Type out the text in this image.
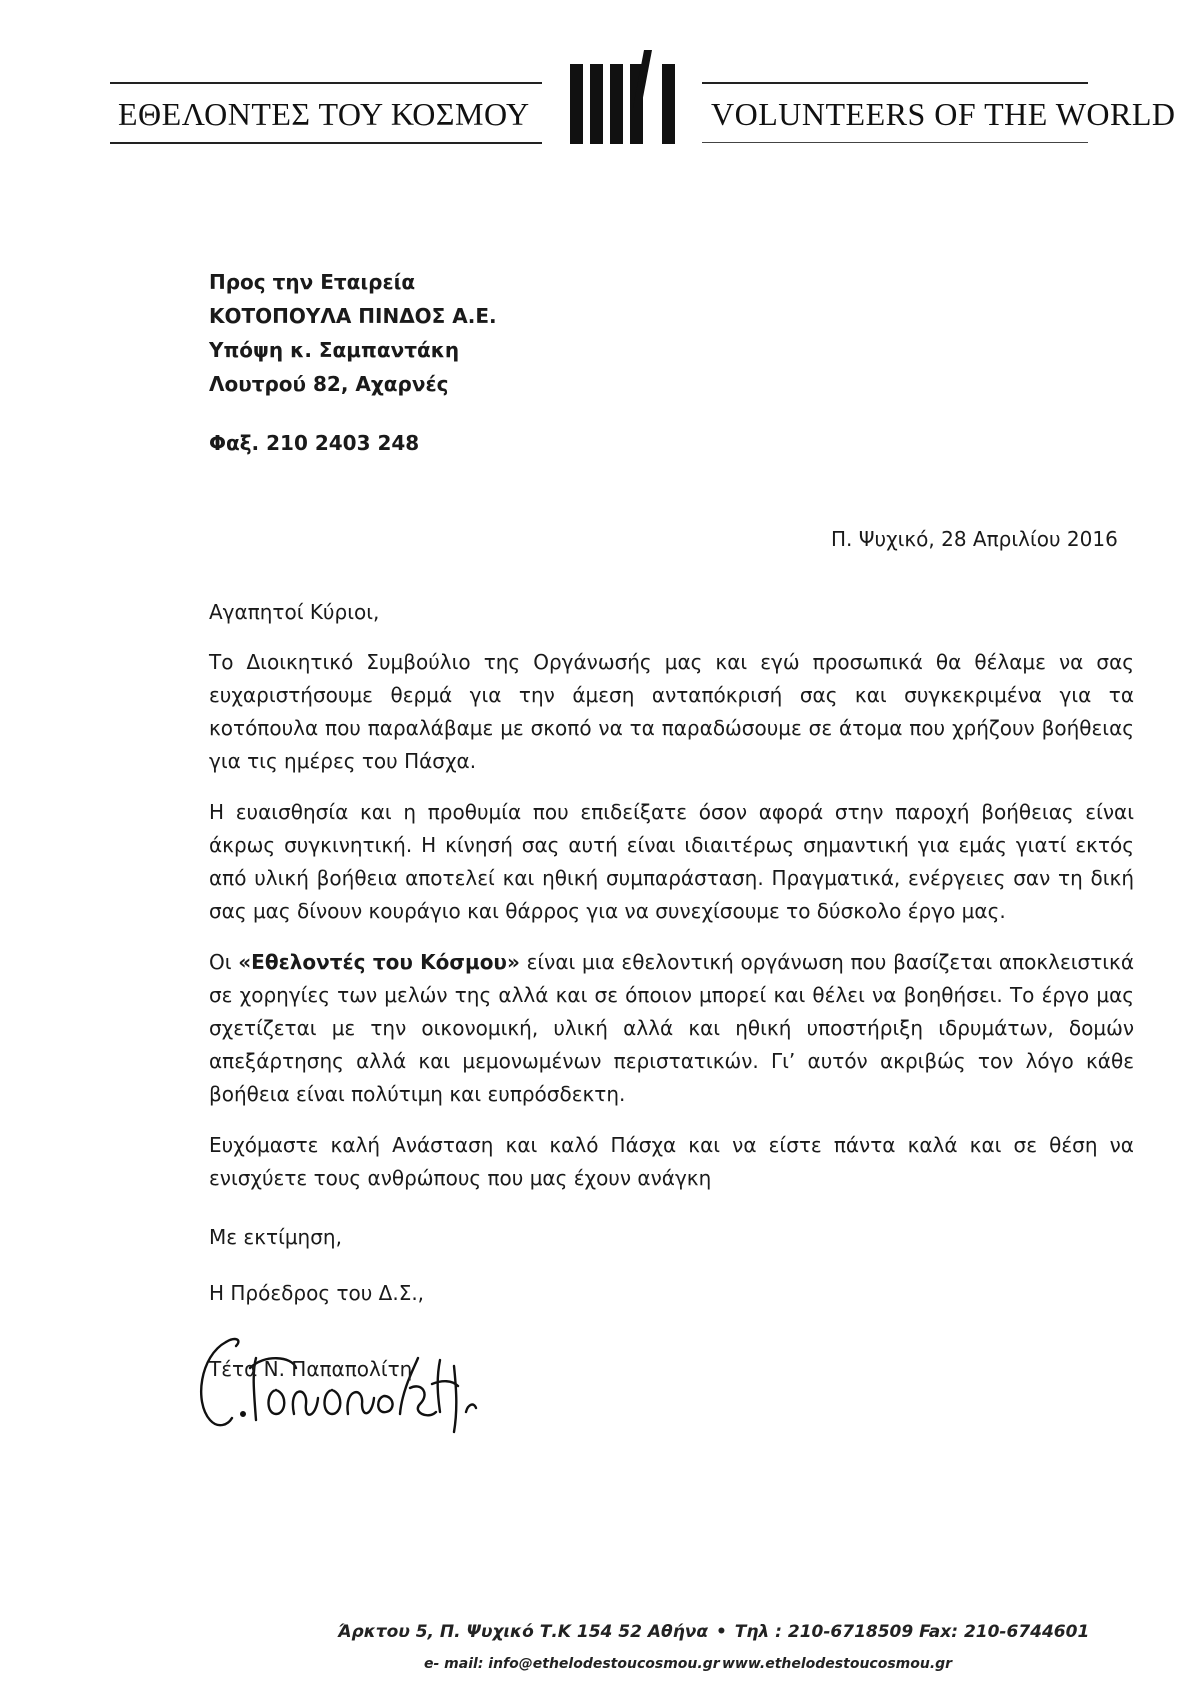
ΕΘΕΛΟΝΤΕΣ ΤΟΥ ΚΟΣΜΟΥ	VOLUNTEERS OF THE WORLD
Προς την Εταιρεία
ΚΟΤΟΠΟΥΛΑ ΠΙΝΔΟΣ Α.Ε.
Υπόψη κ. Σαμπαντάκη
Λουτρού 82, Αχαρνές
Φαξ. 210 2403 248
Π. Ψυχικό, 28 Απριλίου 2016
Αγαπητοί Κύριοι,

Το Διοικητικό Συμβούλιο της Οργάνωσής μας και εγώ προσωπικά θα θέλαμε να σας ευχαριστήσουμε θερμά για την άμεση ανταπόκρισή σας και συγκεκριμένα για τα κοτόπουλα που παραλάβαμε με σκοπό να τα παραδώσουμε σε άτομα που χρήζουν βοήθειας για τις ημέρες του Πάσχα.

Η ευαισθησία και η προθυμία που επιδείξατε όσον αφορά στην παροχή βοήθειας είναι άκρως συγκινητική. Η κίνησή σας αυτή είναι ιδιαιτέρως σημαντική για εμάς γιατί εκτός από υλική βοήθεια αποτελεί και ηθική συμπαράσταση. Πραγματικά, ενέργειες σαν τη δική σας μας δίνουν κουράγιο και θάρρος για να συνεχίσουμε το δύσκολο έργο μας.

Οι «Εθελοντές του Κόσμου» είναι μια εθελοντική οργάνωση που βασίζεται αποκλειστικά σε χορηγίες των μελών της αλλά και σε όποιον μπορεί και θέλει να βοηθήσει. Το έργο μας σχετίζεται με την οικονομική, υλική αλλά και ηθική υποστήριξη ιδρυμάτων, δομών απεξάρτησης αλλά και μεμονωμένων περιστατικών. Γι’ αυτόν ακριβώς τον λόγο κάθε βοήθεια είναι πολύτιμη και ευπρόσδεκτη.

Ευχόμαστε καλή Ανάσταση και καλό Πάσχα και να είστε πάντα καλά και σε θέση να ενισχύετε τους ανθρώπους που μας έχουν ανάγκη

Με εκτίμηση,
Η Πρόεδρος του Δ.Σ.,
Τέτα Ν. Παπαπολίτη
Άρκτου 5, Π. Ψυχικό Τ.Κ 154 52 Αθήνα • Τηλ : 210-6718509 Fax: 210-6744601
e- mail: info@ethelodestoucosmou.gr www.ethelodestoucosmou.gr
